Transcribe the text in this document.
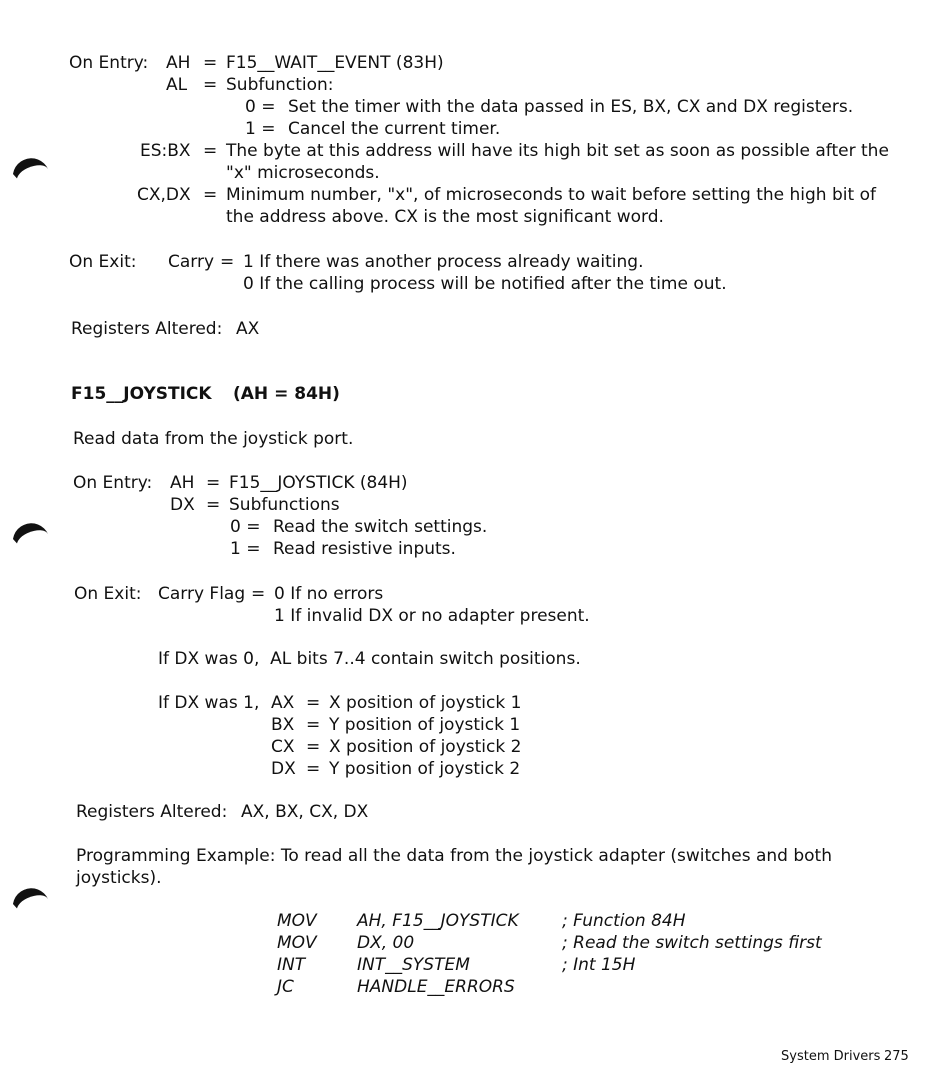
On Entry: AH = F15__WAIT__EVENT (83H)
AL = Subfunction:
0 = Set the timer with the data passed in ES, BX, CX and DX registers.
1 = Cancel the current timer.
ES:BX = The byte at this address will have its high bit set as soon as possible after the
"x" microseconds.
CX,DX = Minimum number, "x", of microseconds to wait before setting the high bit of
the address above. CX is the most significant word.
On Exit: Carry = 1 If there was another process already waiting.
0 If the calling process will be notified after the time out.
Registers Altered: AX
F15__JOYSTICK (AH = 84H)
Read data from the joystick port.
On Entry: AH = F15__JOYSTICK (84H)
DX = Subfunctions
0 = Read the switch settings.
1 = Read resistive inputs.
On Exit: Carry Flag = 0 If no errors
1 If invalid DX or no adapter present.
If DX was 0,  AL bits 7..4 contain switch positions.
If DX was 1, AX = X position of joystick 1
BX = Y position of joystick 1
CX = X position of joystick 2
DX = Y position of joystick 2
Registers Altered: AX, BX, CX, DX
Programming Example: To read all the data from the joystick adapter (switches and both
joysticks).
MOV AH, F15__JOYSTICK	; Function 84H
MOV DX, 00	; Read the switch settings first
INT	INT__SYSTEM	; Int 15H
JC	HANDLE__ERRORS
System Drivers 275
